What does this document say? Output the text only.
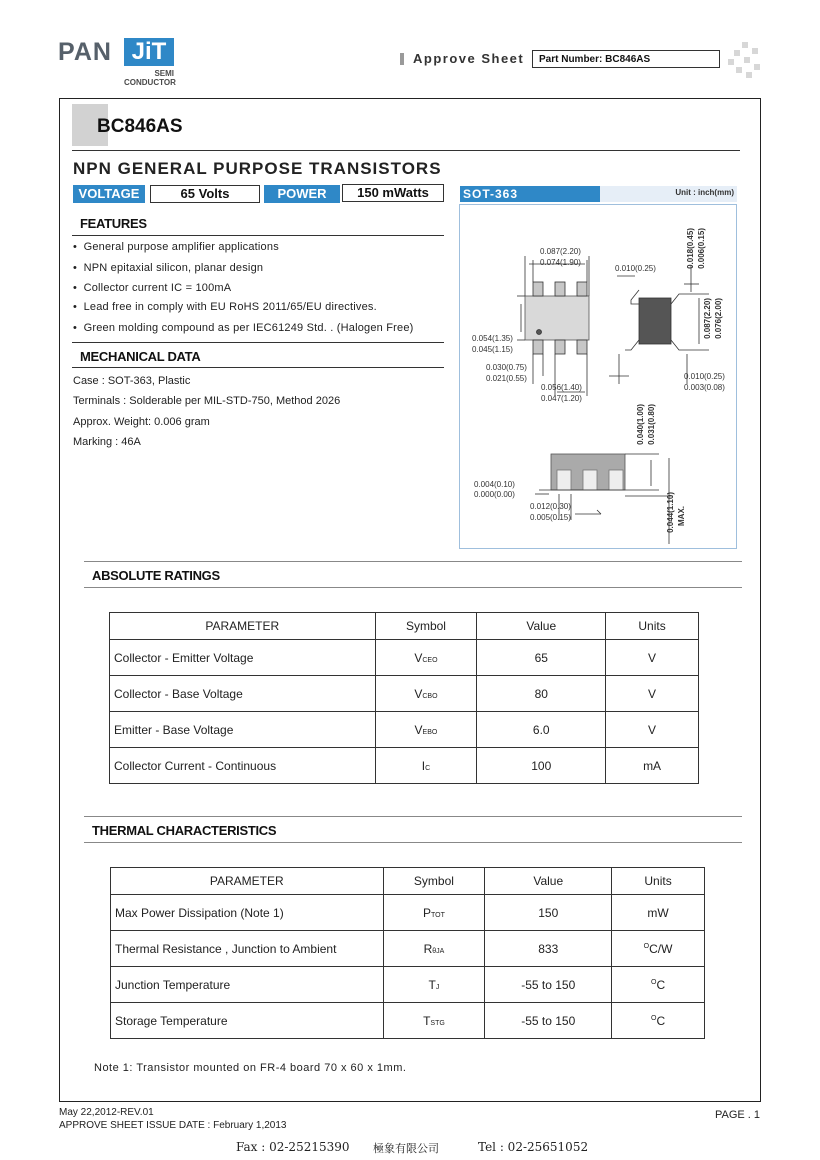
PAN JiT
SEMI
CONDUCTOR
Approve Sheet	Part Number: BC846AS
BC846AS
NPN GENERAL PURPOSE TRANSISTORS
VOLTAGE	65 Volts	POWER	150 mWatts
FEATURES
•  General purpose amplifier applications
•  NPN epitaxial silicon, planar design
•  Collector current IC = 100mA
•  Lead free in comply with EU RoHS 2011/65/EU directives.
•  Green molding compound as per IEC61249 Std. . (Halogen Free)
MECHANICAL DATA
Case : SOT-363, Plastic
Terminals : Solderable per MIL-STD-750, Method 2026
Approx. Weight: 0.006 gram
Marking : 46A
SOT-363	Unit : inch(mm)
0.087(2.20)
0.074(1.90)
0.010(0.25)
0.054(1.35)
0.045(1.15)
0.030(0.75)
0.021(0.55)
0.056(1.40)
0.047(1.20)
0.010(0.25)
0.003(0.08)
0.004(0.10)
0.000(0.00)
0.012(0.30)
0.005(0.15)
0.018(0.45) 0.006(0.15)
0.087(2.20) 0.076(2.00)
0.040(1.00) 0.031(0.80)
0.044(1.10) MAX.
ABSOLUTE RATINGS
PARAMETER	Symbol	Value	Units
Collector - Emitter Voltage	VCEO	65	V
Collector - Base Voltage	VCBO	80	V
Emitter - Base Voltage	VEBO	6.0	V
Collector Current - Continuous	IC	100	mA
THERMAL CHARACTERISTICS
PARAMETER	Symbol	Value	Units
Max Power Dissipation (Note 1)	PTOT	150	mW
Thermal Resistance , Junction to Ambient	RθJA	833	$^O$C/W
Junction Temperature	TJ	-55 to 150	$^O$C
Storage Temperature	TSTG	-55 to 150	$^O$C
Note 1: Transistor mounted on FR-4 board 70 x 60 x 1mm.
May 22,2012-REV.01
APPROVE SHEET ISSUE DATE : February 1,2013
PAGE . 1
Fax : 02-25215390 極象有限公司	Tel : 02-25651052
